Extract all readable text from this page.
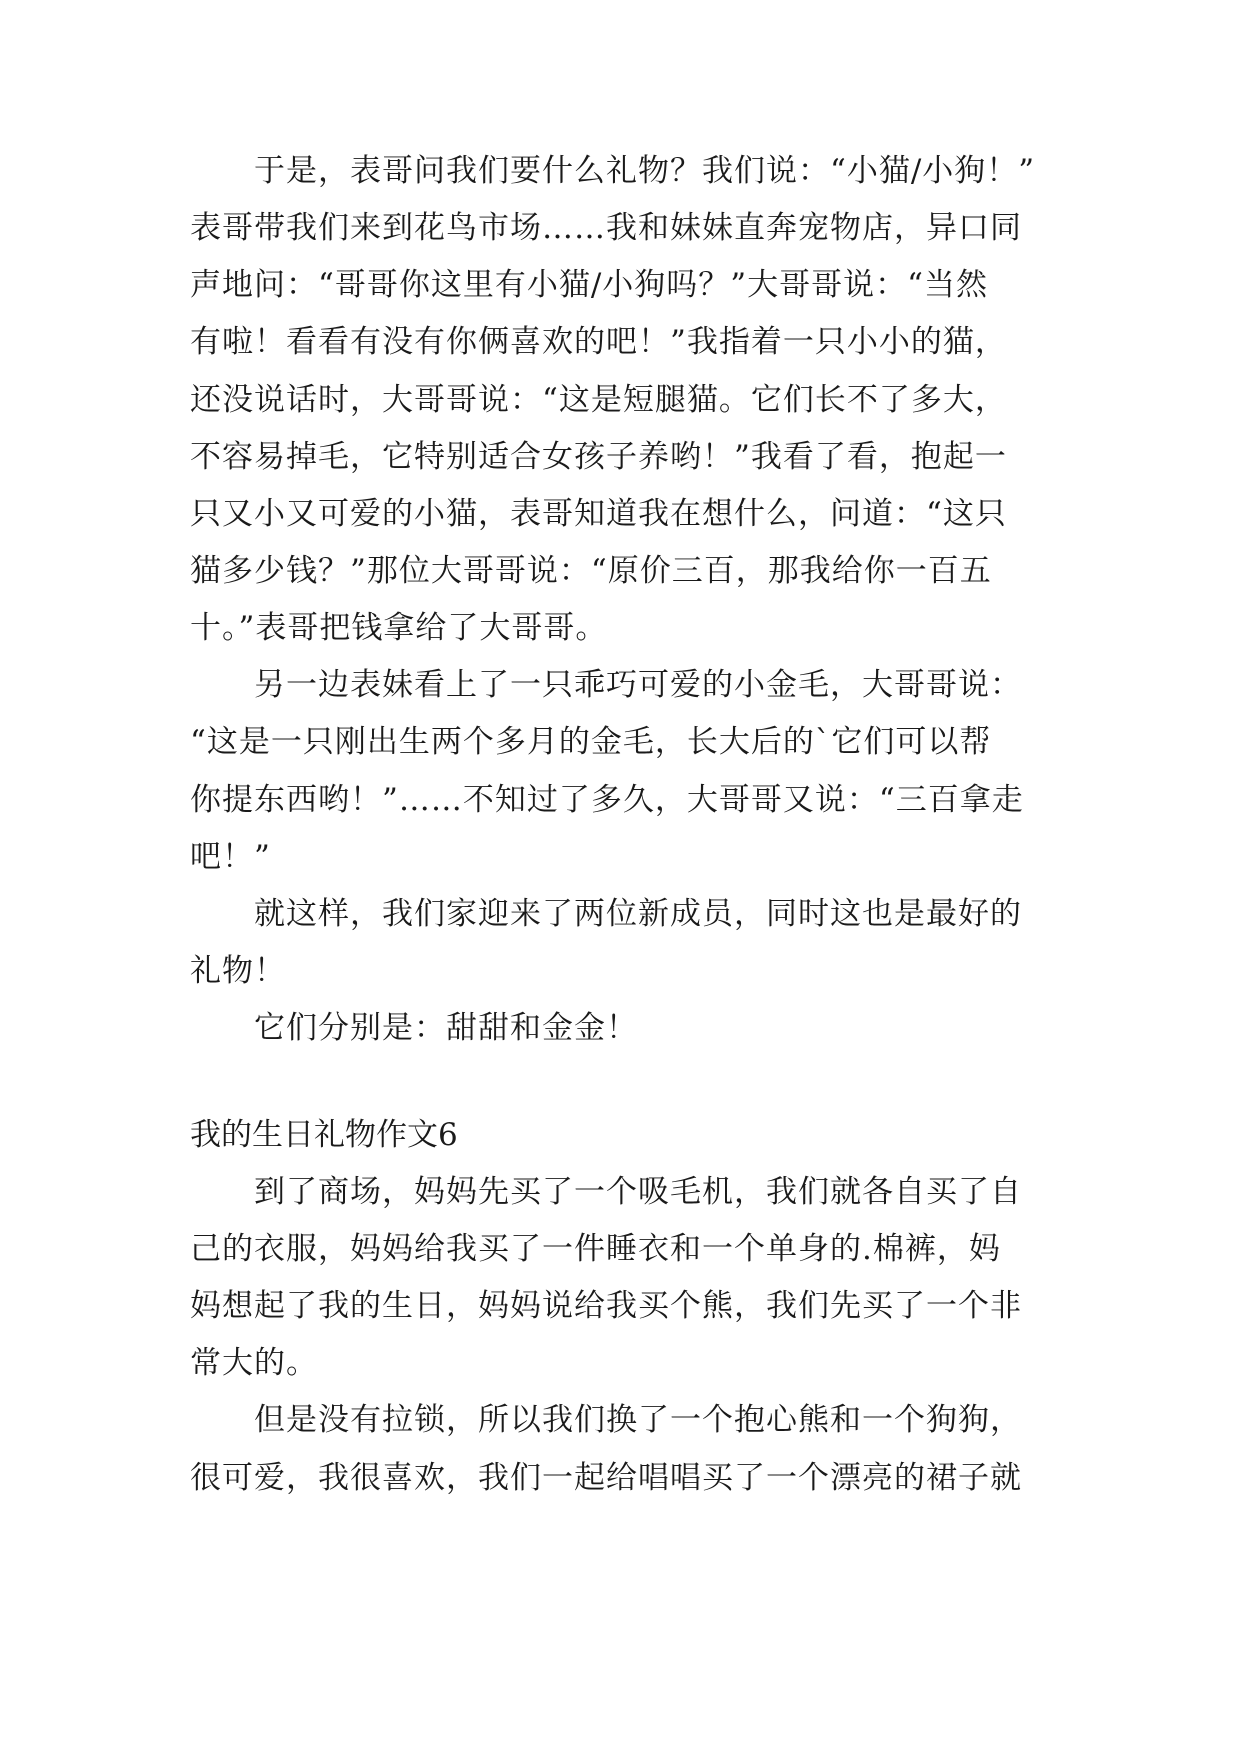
于是，表哥问我们要什么礼物？我们说：“小猫/小狗！”
表哥带我们来到花鸟市场……我和妹妹直奔宠物店，异口同
声地问：“哥哥你这里有小猫/小狗吗？”大哥哥说：“当然
有啦！看看有没有你俩喜欢的吧！”我指着一只小小的猫，
还没说话时，大哥哥说：“这是短腿猫。它们长不了多大，
不容易掉毛，它特别适合女孩子养哟！”我看了看，抱起一
只又小又可爱的小猫，表哥知道我在想什么，问道：“这只
猫多少钱？”那位大哥哥说：“原价三百，那我给你一百五
十。”表哥把钱拿给了大哥哥。
另一边表妹看上了一只乖巧可爱的小金毛，大哥哥说：
“这是一只刚出生两个多月的金毛，长大后的`它们可以帮
你提东西哟！”……不知过了多久，大哥哥又说：“三百拿走
吧！”
就这样，我们家迎来了两位新成员，同时这也是最好的
礼物！
它们分别是：甜甜和金金！
我的生日礼物作文6
到了商场，妈妈先买了一个吸毛机，我们就各自买了自
己的衣服，妈妈给我买了一件睡衣和一个单身的.棉裤，妈
妈想起了我的生日，妈妈说给我买个熊，我们先买了一个非
常大的。
但是没有拉锁，所以我们换了一个抱心熊和一个狗狗，
很可爱，我很喜欢，我们一起给唱唱买了一个漂亮的裙子就
